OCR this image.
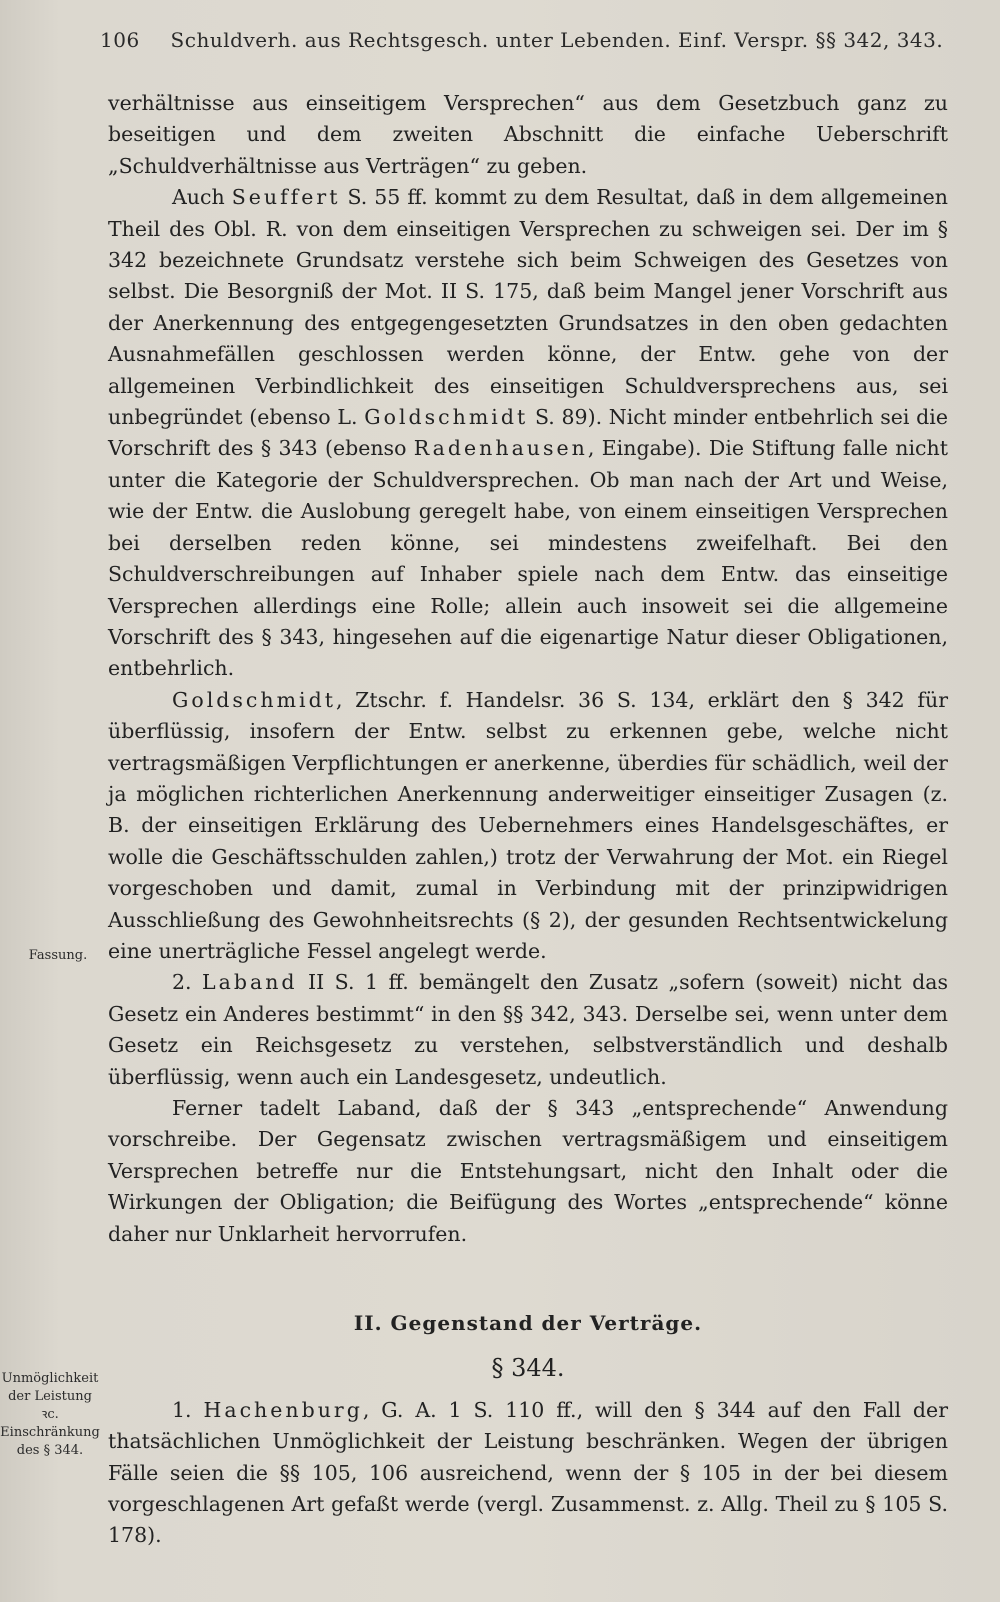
106 Schuldverh. aus Rechtsgesch. unter Lebenden. Einf. Verspr. §§ 342, 343.
Fassung.
Unmöglichkeit der Leistung ꝛc. Einschränkung des § 344.

verhältnisse aus einseitigem Versprechen“ aus dem Gesetzbuch ganz zu beseitigen und dem zweiten Abschnitt die einfache Ueberschrift „Schuldverhältnisse aus Verträgen“ zu geben.

Auch Seuffert S. 55 ff. kommt zu dem Resultat, daß in dem allgemeinen Theil des Obl. R. von dem einseitigen Versprechen zu schweigen sei. Der im § 342 bezeichnete Grundsatz verstehe sich beim Schweigen des Gesetzes von selbst. Die Besorgniß der Mot. II S. 175, daß beim Mangel jener Vorschrift aus der Anerkennung des entgegengesetzten Grundsatzes in den oben gedachten Ausnahmefällen geschlossen werden könne, der Entw. gehe von der allgemeinen Verbindlichkeit des einseitigen Schuldversprechens aus, sei unbegründet (ebenso L. Goldschmidt S. 89). Nicht minder entbehrlich sei die Vorschrift des § 343 (ebenso Radenhausen, Eingabe). Die Stiftung falle nicht unter die Kategorie der Schuldversprechen. Ob man nach der Art und Weise, wie der Entw. die Auslobung geregelt habe, von einem einseitigen Versprechen bei derselben reden könne, sei mindestens zweifelhaft. Bei den Schuldverschreibungen auf Inhaber spiele nach dem Entw. das einseitige Versprechen allerdings eine Rolle; allein auch insoweit sei die allgemeine Vorschrift des § 343, hingesehen auf die eigenartige Natur dieser Obligationen, entbehrlich.

Goldschmidt, Ztschr. f. Handelsr. 36 S. 134, erklärt den § 342 für überflüssig, insofern der Entw. selbst zu erkennen gebe, welche nicht vertragsmäßigen Verpflichtungen er anerkenne, überdies für schädlich, weil der ja möglichen richterlichen Anerkennung anderweitiger einseitiger Zusagen (z. B. der einseitigen Erklärung des Uebernehmers eines Handelsgeschäftes, er wolle die Geschäftsschulden zahlen,) trotz der Verwahrung der Mot. ein Riegel vorgeschoben und damit, zumal in Verbindung mit der prinzipwidrigen Ausschließung des Gewohnheitsrechts (§ 2), der gesunden Rechtsentwickelung eine unerträgliche Fessel angelegt werde.

2. Laband II S. 1 ff. bemängelt den Zusatz „sofern (soweit) nicht das Gesetz ein Anderes bestimmt“ in den §§ 342, 343. Derselbe sei, wenn unter dem Gesetz ein Reichsgesetz zu verstehen, selbstverständlich und deshalb überflüssig, wenn auch ein Landesgesetz, undeutlich.

Ferner tadelt Laband, daß der § 343 „entsprechende“ Anwendung vorschreibe. Der Gegensatz zwischen vertragsmäßigem und einseitigem Versprechen betreffe nur die Entstehungsart, nicht den Inhalt oder die Wirkungen der Obligation; die Beifügung des Wortes „entsprechende“ könne daher nur Unklarheit hervorrufen.

II. Gegenstand der Verträge.
§ 344.

1. Hachenburg, G. A. 1 S. 110 ff., will den § 344 auf den Fall der thatsächlichen Unmöglichkeit der Leistung beschränken. Wegen der übrigen Fälle seien die §§ 105, 106 ausreichend, wenn der § 105 in der bei diesem vorgeschlagenen Art gefaßt werde (vergl. Zusammenst. z. Allg. Theil zu § 105 S. 178).
